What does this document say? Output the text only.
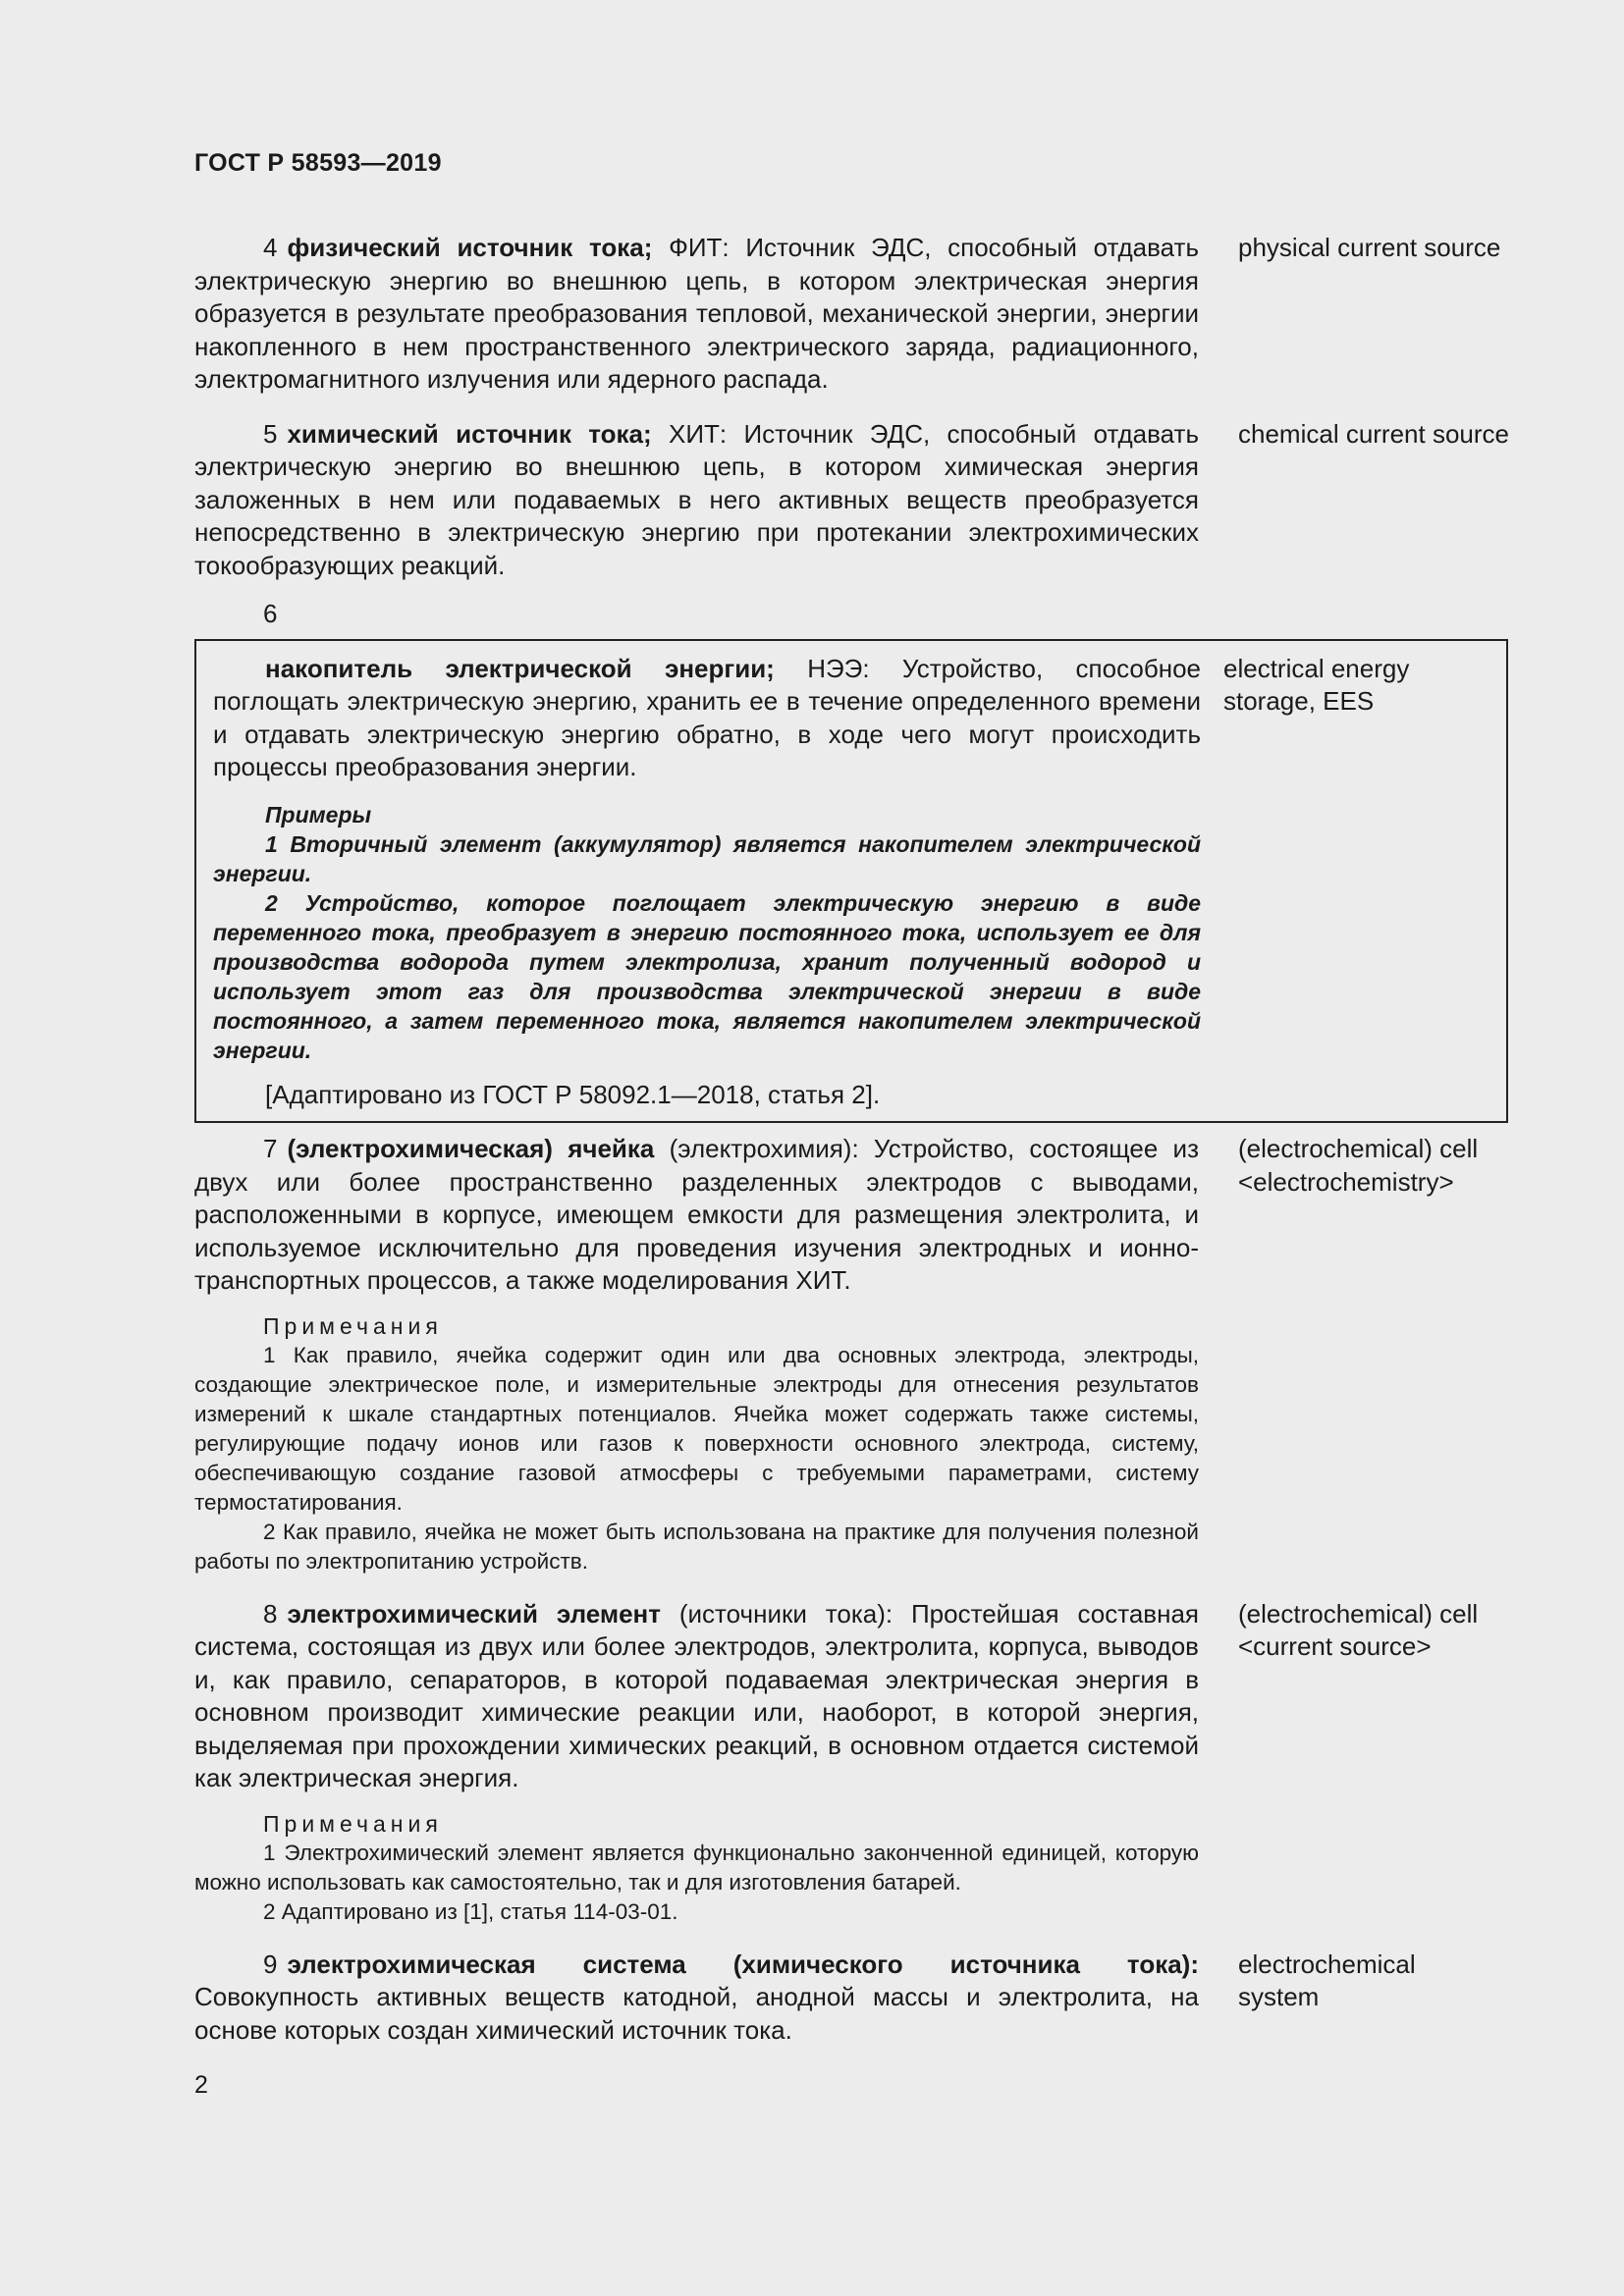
ГОСТ Р 58593—2019
4 физический источник тока; ФИТ: Источник ЭДС, способный отдавать электрическую энергию во внешнюю цепь, в котором электрическая энергия образуется в результате преобразования тепловой, механической энергии, энергии накопленного в нем пространственного электрического заряда, радиационного, электромагнитного излучения или ядерного распада.
physical current source
5 химический источник тока; ХИТ: Источник ЭДС, способный отдавать электрическую энергию во внешнюю цепь, в котором химическая энергия заложенных в нем или подаваемых в него активных веществ преобразуется непосредственно в электрическую энергию при протекании электрохимических токообразующих реакций.
chemical current source
6
накопитель электрической энергии; НЭЭ: Устройство, способное поглощать электрическую энергию, хранить ее в течение определенного времени и отдавать электрическую энергию обратно, в ходе чего могут происходить процессы преобразования энергии.
electrical energy storage, EES
Примеры
1 Вторичный элемент (аккумулятор) является накопителем электрической энергии.
2 Устройство, которое поглощает электрическую энергию в виде переменного тока, преобразует в энергию постоянного тока, использует ее для производства водорода путем электролиза, хранит полученный водород и использует этот газ для производства электрической энергии в виде постоянного, а затем переменного тока, является накопителем электрической энергии.
[Адаптировано из ГОСТ Р 58092.1—2018, статья 2].
7 (электрохимическая) ячейка (электрохимия): Устройство, состоящее из двух или более пространственно разделенных электродов с выводами, расположенными в корпусе, имеющем емкости для размещения электролита, и используемое исключительно для проведения изучения электродных и ионно-транспортных процессов, а также моделирования ХИТ.
(electrochemical) cell
<electrochemistry>
Примечания
1 Как правило, ячейка содержит один или два основных электрода, электроды, создающие электрическое поле, и измерительные электроды для отнесения результатов измерений к шкале стандартных потенциалов. Ячейка может содержать также системы, регулирующие подачу ионов или газов к поверхности основного электрода, систему, обеспечивающую создание газовой атмосферы с требуемыми параметрами, систему термостатирования.
2 Как правило, ячейка не может быть использована на практике для получения полезной работы по электропитанию устройств.
8 электрохимический элемент (источники тока): Простейшая составная система, состоящая из двух или более электродов, электролита, корпуса, выводов и, как правило, сепараторов, в которой подаваемая электрическая энергия в основном производит химические реакции или, наоборот, в которой энергия, выделяемая при прохождении химических реакций, в основном отдается системой как электрическая энергия.
(electrochemical) cell
<current source>
Примечания
1 Электрохимический элемент является функционально законченной единицей, которую можно использовать как самостоятельно, так и для изготовления батарей.
2 Адаптировано из [1], статья 114-03-01.
9 электрохимическая система (химического источника тока): Совокупность активных веществ катодной, анодной массы и электролита, на основе которых создан химический источник тока.
electrochemical
system
2
